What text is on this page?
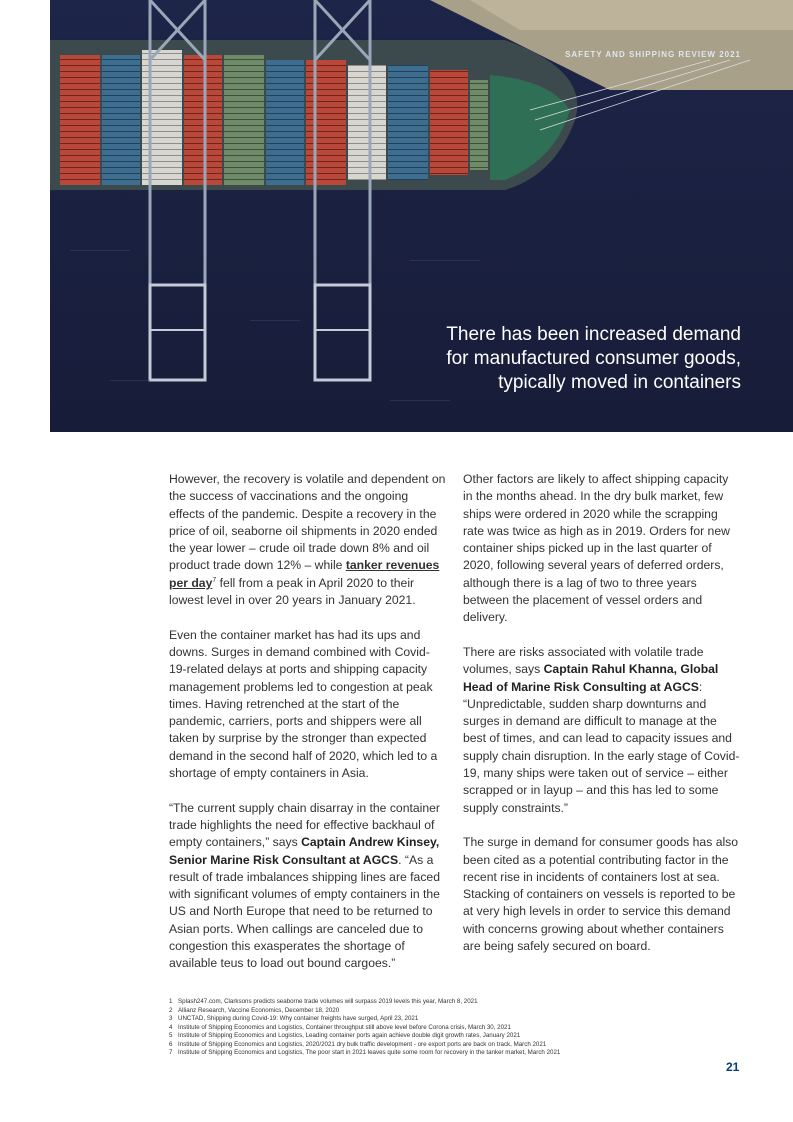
SAFETY AND SHIPPING REVIEW 2021
There has been increased demand
for manufactured consumer goods,
typically moved in containers

However, the recovery is volatile and dependent on the success of vaccinations and the ongoing effects of the pandemic. Despite a recovery in the price of oil, seaborne oil shipments in 2020 ended the year lower – crude oil trade down 8% and oil product trade down 12% – while tanker revenues per day$^7$ fell from a peak in April 2020 to their lowest level in over 20 years in January 2021.

Even the container market has had its ups and downs. Surges in demand combined with Covid-19-related delays at ports and shipping capacity management problems led to congestion at peak times. Having retrenched at the start of the pandemic, carriers, ports and shippers were all taken by surprise by the stronger than expected demand in the second half of 2020, which led to a shortage of empty containers in Asia.

“The current supply chain disarray in the container trade highlights the need for effective backhaul of empty containers,” says Captain Andrew Kinsey, Senior Marine Risk Consultant at AGCS. “As a result of trade imbalances shipping lines are faced with significant volumes of empty containers in the US and North Europe that need to be returned to Asian ports. When callings are canceled due to congestion this exasperates the shortage of available teus to load out bound cargoes.”

Other factors are likely to affect shipping capacity in the months ahead. In the dry bulk market, few ships were ordered in 2020 while the scrapping rate was twice as high as in 2019. Orders for new container ships picked up in the last quarter of 2020, following several years of deferred orders, although there is a lag of two to three years between the placement of vessel orders and delivery.

There are risks associated with volatile trade volumes, says Captain Rahul Khanna, Global Head of Marine Risk Consulting at AGCS: “Unpredictable, sudden sharp downturns and surges in demand are difficult to manage at the best of times, and can lead to capacity issues and supply chain disruption. In the early stage of Covid-19, many ships were taken out of service – either scrapped or in layup – and this has led to some supply constraints.”

The surge in demand for consumer goods has also been cited as a potential contributing factor in the recent rise in incidents of containers lost at sea. Stacking of containers on vessels is reported to be at very high levels in order to service this demand with concerns growing about whether containers are being safely secured on board.

1 Splash247.com, Clarksons predicts seaborne trade volumes will surpass 2019 levels this year, March 8, 2021
2 Allianz Research, Vaccine Economics, December 18, 2020
3 UNCTAD, Shipping during Covid-19: Why container freights have surged, April 23, 2021
4 Institute of Shipping Economics and Logistics, Container throughput still above level before Corona crisis, March 30, 2021
5 Institute of Shipping Economics and Logistics, Leading container ports again achieve double digit growth rates, January 2021
6 Institute of Shipping Economics and Logistics, 2020/2021 dry bulk traffic development - ore export ports are back on track, March 2021
7 Institute of Shipping Economics and Logistics, The poor start in 2021 leaves quite some room for recovery in the tanker market, March 2021
21
